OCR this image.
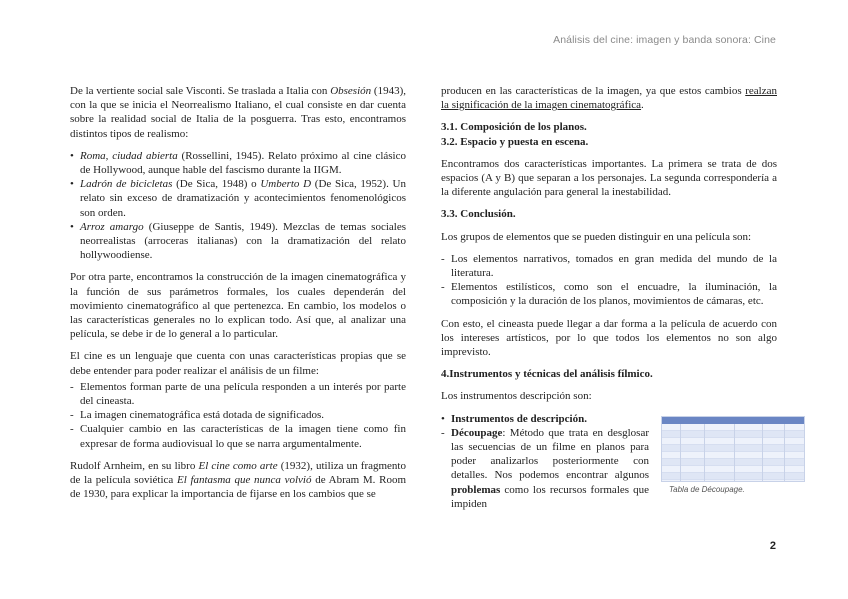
Análisis del cine: imagen y banda sonora: Cine

De la vertiente social sale Visconti. Se traslada a Italia con Obsesión (1943), con la que se inicia el Neorrealismo Italiano, el cual consiste en dar cuenta sobre la realidad social de Italia de la posguerra. Tras esto, encontramos distintos tipos de realismo:

• Roma, ciudad abierta (Rossellini, 1945). Relato próximo al cine clásico de Hollywood, aunque hable del fascismo durante la IIGM.
• Ladrón de bicicletas (De Sica, 1948) o Umberto D (De Sica, 1952). Un relato sin exceso de dramatización y acontecimientos fenomenológicos son orden.
• Arroz amargo (Giuseppe de Santis, 1949). Mezclas de temas sociales neorrealistas (arroceras italianas) con la dramatización del relato hollywoodiense.

Por otra parte, encontramos la construcción de la imagen cinematográfica y la función de sus parámetros formales, los cuales dependerán del movimiento cinematográfico al que pertenezca. En cambio, los modelos o las características generales no lo explican todo. Así que, al analizar una película, se debe ir de lo general a lo particular.

El cine es un lenguaje que cuenta con unas características propias que se debe entender para poder realizar el análisis de un filme:

- Elementos forman parte de una película responden a un interés por parte del cineasta.
- La imagen cinematográfica está dotada de significados.
- Cualquier cambio en las características de la imagen tiene como fin expresar de forma audiovisual lo que se narra argumentalmente.

Rudolf Arnheim, en su libro El cine como arte (1932), utiliza un fragmento de la película soviética El fantasma que nunca volvió de Abram M. Room de 1930, para explicar la importancia de fijarse en los cambios que se

producen en las características de la imagen, ya que estos cambios realzan la significación de la imagen cinematográfica.

3.1. Composición de los planos.
3.2. Espacio y puesta en escena.

Encontramos dos características importantes. La primera se trata de dos espacios (A y B) que separan a los personajes. La segunda correspondería a la diferente angulación para general la inestabilidad.

3.3. Conclusión.

Los grupos de elementos que se pueden distinguir en una película son:

- Los elementos narrativos, tomados en gran medida del mundo de la literatura.
- Elementos estilísticos, como son el encuadre, la iluminación, la composición y la duración de los planos, movimientos de cámaras, etc.

Con esto, el cineasta puede llegar a dar forma a la película de acuerdo con los intereses artísticos, por lo que todos los elementos no son algo imprevisto.

4.Instrumentos y técnicas del análisis fílmico.

Los instrumentos descripción son:

• Instrumentos de descripción.
- Découpage: Método que trata en desglosar las secuencias de un filme en planos para poder analizarlos posteriormente con detalles. Nos podemos encontrar algunos problemas como los recursos formales que impiden
Tabla de Découpage.
2
